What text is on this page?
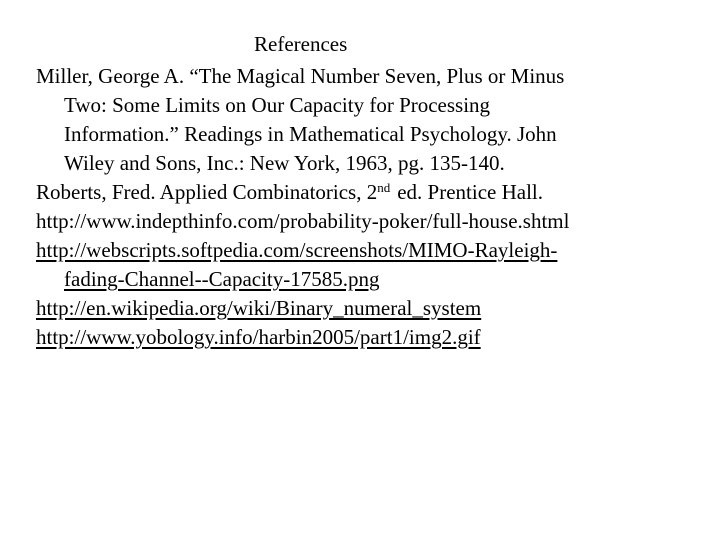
References
Miller, George A. “The Magical Number Seven, Plus or Minus
Two: Some Limits on Our Capacity for Processing
Information.” Readings in Mathematical Psychology. John
Wiley and Sons, Inc.: New York, 1963, pg. 135-140.
Roberts, Fred. Applied Combinatorics, 2nd ed. Prentice Hall.
http://www.indepthinfo.com/probability-poker/full-house.shtml
http://webscripts.softpedia.com/screenshots/MIMO-Rayleigh-
fading-Channel--Capacity-17585.png
http://en.wikipedia.org/wiki/Binary_numeral_system
http://www.yobology.info/harbin2005/part1/img2.gif
